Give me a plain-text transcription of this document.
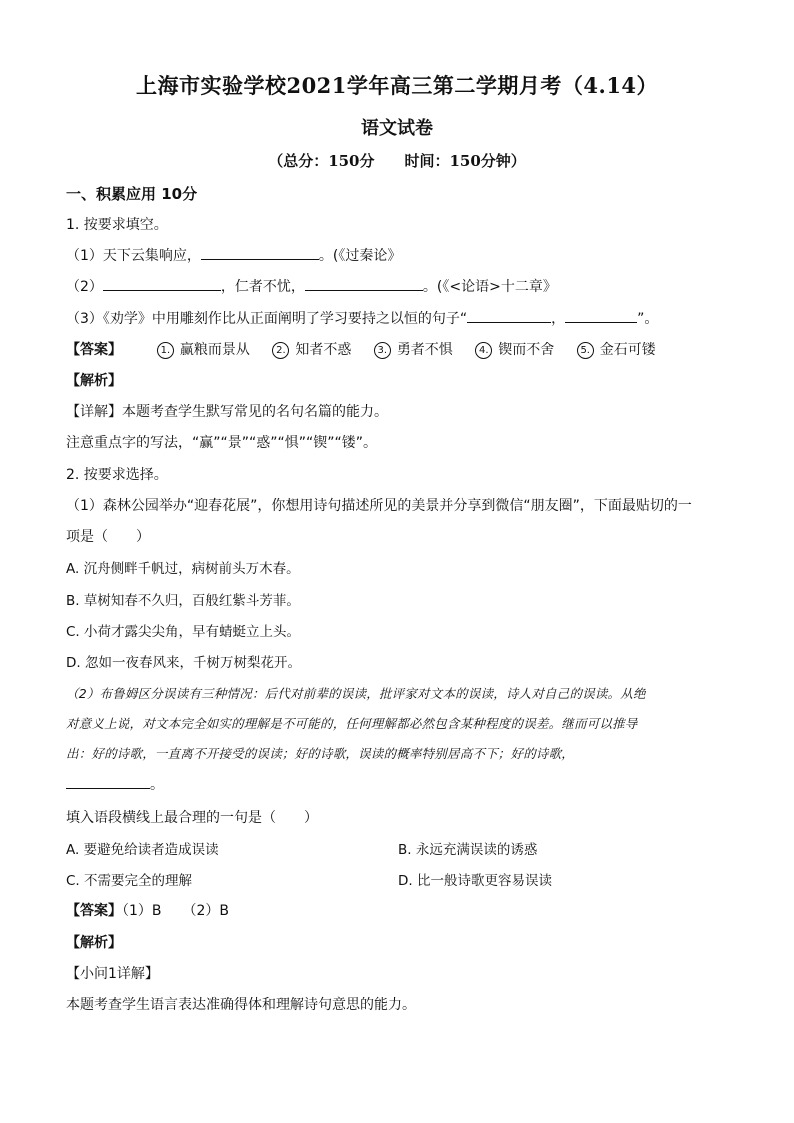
上海市实验学校2021学年高三第二学期月考（4.14）
语文试卷
（总分：150分 时间：150分钟）
一、积累应用 10分
1. 按要求填空。
（1）天下云集响应，	。(《过秦论》
（2）	，仁者不忧，	。(《<论语>十二章》
（3）《劝学》中用雕刻作比从正面阐明了学习要持之以恒的句子“	，	”。
【答案】	1. 赢粮而景从	2. 知者不惑	3. 勇者不惧	4. 锲而不舍	5. 金石可镂
【解析】
【详解】本题考查学生默写常见的名句名篇的能力。
注意重点字的写法，“赢”“景”“惑”“惧”“锲”“镂”。
2. 按要求选择。
（1）森林公园举办“迎春花展”，你想用诗句描述所见的美景并分享到微信“朋友圈”，下面最贴切的一
项是（　　）
A. 沉舟侧畔千帆过，病树前头万木春。
B. 草树知春不久归，百般红紫斗芳菲。
C. 小荷才露尖尖角，早有蜻蜓立上头。
D. 忽如一夜春风来，千树万树梨花开。
（2）布鲁姆区分误读有三种情况：后代对前辈的误读，批评家对文本的误读，诗人对自己的误读。从绝
对意义上说，对文本完全如实的理解是不可能的，任何理解都必然包含某种程度的误差。继而可以推导
出：好的诗歌，一直离不开接受的误读；好的诗歌，误读的概率特别居高不下；好的诗歌，
。
填入语段横线上最合理的一句是（　　）
A. 要避免给读者造成误读	B. 永远充满误读的诱惑
C. 不需要完全的理解	D. 比一般诗歌更容易误读
【答案】（1）B　　（2）B
【解析】
【小问1详解】
本题考查学生语言表达准确得体和理解诗句意思的能力。
